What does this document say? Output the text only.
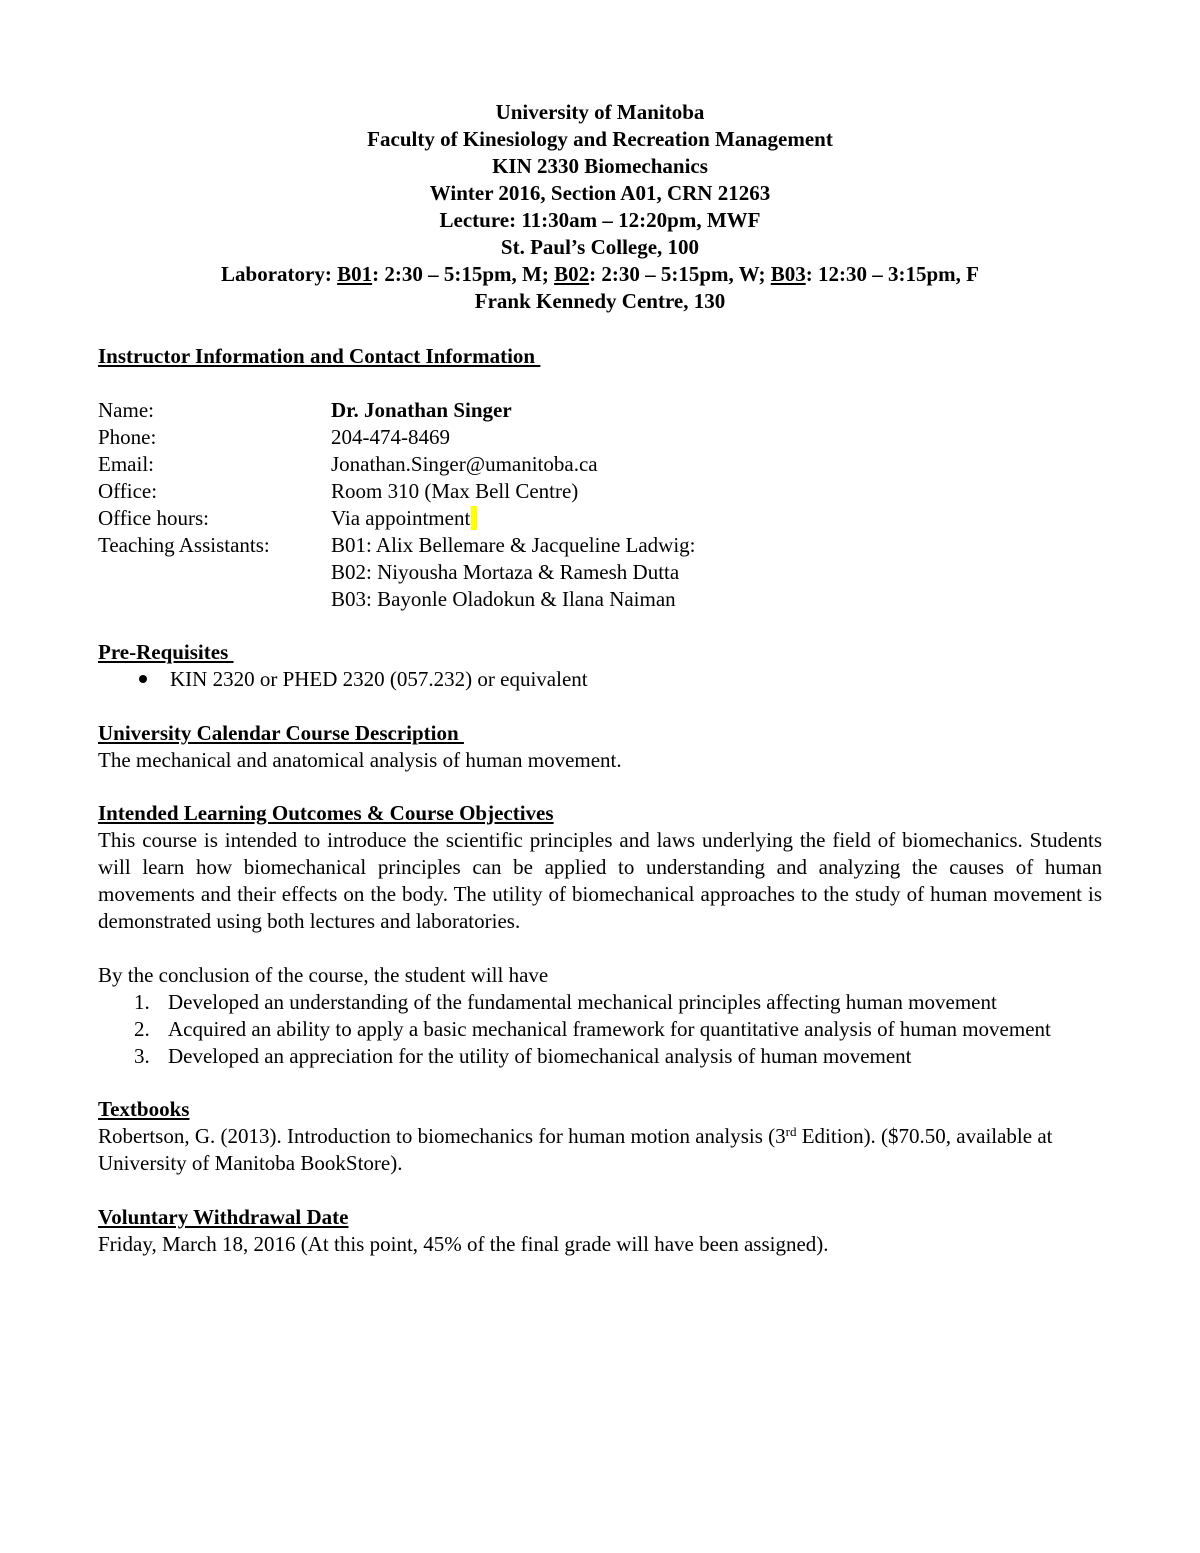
University of Manitoba
Faculty of Kinesiology and Recreation Management
KIN 2330 Biomechanics
Winter 2016, Section A01, CRN 21263
Lecture: 11:30am – 12:20pm, MWF
St. Paul’s College, 100
Laboratory: B01: 2:30 – 5:15pm, M; B02: 2:30 – 5:15pm, W; B03: 12:30 – 3:15pm, F
Frank Kennedy Centre, 130
Instructor Information and Contact Information
Name:	Dr. Jonathan Singer
Phone:	204-474-8469
Email:	Jonathan.Singer@umanitoba.ca
Office:	Room 310 (Max Bell Centre)
Office hours:	Via appointment
Teaching Assistants:	B01: Alix Bellemare & Jacqueline Ladwig:
B02: Niyousha Mortaza & Ramesh Dutta
B03: Bayonle Oladokun & Ilana Naiman
Pre-Requisites
KIN 2320 or PHED 2320 (057.232) or equivalent
University Calendar Course Description
The mechanical and anatomical analysis of human movement.
Intended Learning Outcomes & Course Objectives
This course is intended to introduce the scientific principles and laws underlying the field of biomechanics. Students will learn how biomechanical principles can be applied to understanding and analyzing the causes of human movements and their effects on the body. The utility of biomechanical approaches to the study of human movement is demonstrated using both lectures and laboratories.
By the conclusion of the course, the student will have
1. Developed an understanding of the fundamental mechanical principles affecting human movement
2. Acquired an ability to apply a basic mechanical framework for quantitative analysis of human movement
3. Developed an appreciation for the utility of biomechanical analysis of human movement
Textbooks
Robertson, G. (2013). Introduction to biomechanics for human motion analysis (3rd Edition). ($70.50, available at University of Manitoba BookStore).
Voluntary Withdrawal Date
Friday, March 18, 2016 (At this point, 45% of the final grade will have been assigned).
